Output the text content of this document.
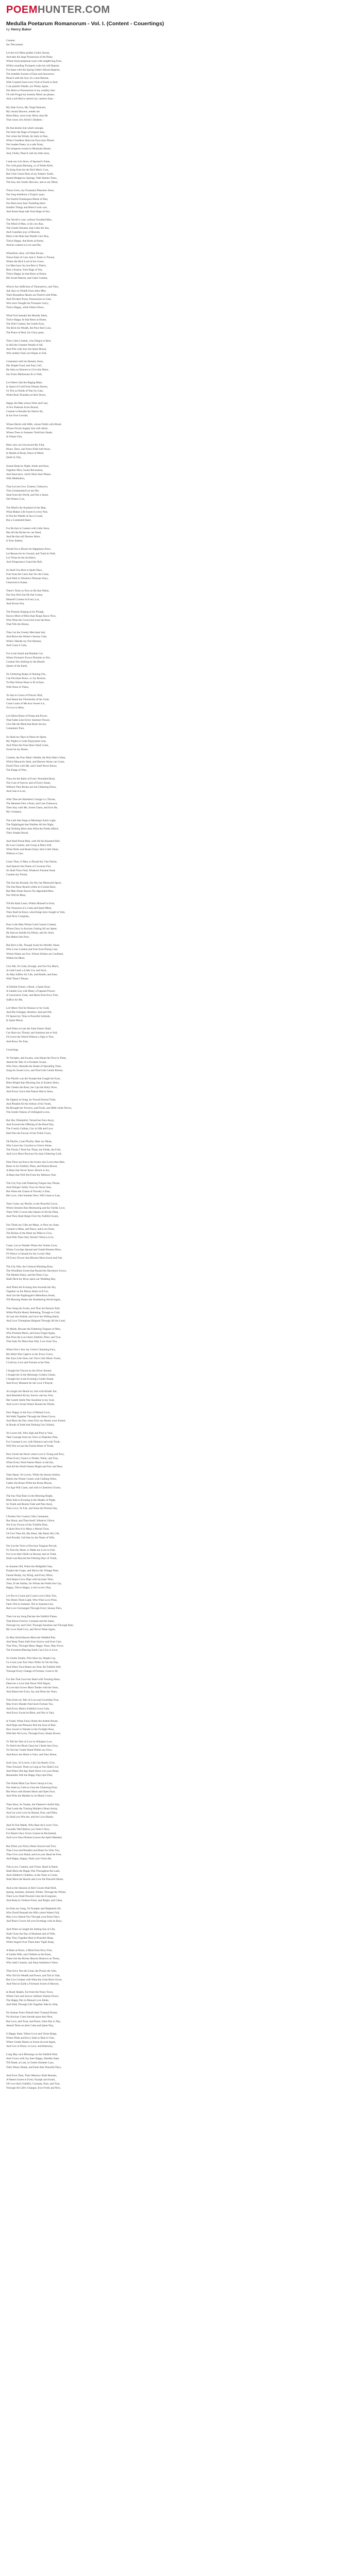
POEMHUNTER.COM
Medulla Poetarum Romanorum - Vol. I. (Content - Couertings)
by Henry Baker
Content.
Sec Discontent.
Let the rich Mine golden Gullet choose,
And take the large Possession of the Plain;
Whom fresh perpetual scare with neighb'ring Foes,
Whilst sounding Trumpets wake his soft Repose:
For these with the Spring Glebe's Bloud disperse,
The humbler Sweets of Ease and Innocence,
Pleas'd with the Joys of a rural Retreat,
With Content from every Fruit of Earth to feed.
I can painful Wealth, nor Plenty aspire,
Nor Heirs to Possessions in my wealthy fare:
I'd with Frugal my homely Mind can please,
And a soft Bed to stretch my careless Ease. -
My little Grove, My Vergil Pastures,
My certain Harvest, render me
More Bless, more truly Blest, than He
That wears rich Africk's Diadem. -
He that desires but what's enough,
Nor fears the Rage of tempest Seas,
Nor when the Winds, his Sails to Pass,
When Cloudless Skies his Eyes may Please:
Nor loaden Fleets, in a safe Nook,
Nor tempests roused in Mountain Beams
And, Fields, Pleas'd with his little store,
I seek nor rich Store, of Sponsel's Fame,
Nor with great Blessing, or of Noble Birth,
To bring from far the Rich Man's Cost,
But if the Green Plots of my Fathers' Earth,
Seated Hedgerow-Springs, Wall Shelter-Trees,
The Sun, the Gentle Showers, and so my Mind,
Those rivers, my Fountains Pleasures Store,
Nor long Ambition a Trojan's quay:
Yet Fearful Flamingoes Bleed of Him,
Nor Bats more than Tumbling there:
Smaller Things and Bless'd with care,
And Stores Kept safe from Rage of Sea,
The World is vast; without Troubled Men,
The Mind of Man, is his own Ray,
The Gentle Streams, that Calm the Sea,
And Countless joys of Heaven,
Blest is the Man that Wealth Can't Buy,
Thrice Happy, that Rests at Home,
And be content to Live and Die,
Wherefore, then, will Man Persue,
Those Ends of Care, that is Tomb or Throne,
Where the Rich Lord of his Grave,
Let Men have Joy but Rest is Theirs,
Rest a Season, from Rage of Sea,
Thrice Happy he that Rests at Home,
His Sweet Retreat, and Calm Content,
Who'er Are Sufficient of Themselves, and They,
Ask they no Wealth from other Men,
Their Boundless Hearts are Flush'd with Pride,
And Fill their Purse, Possessions to Gain,
Who have Nought but Treasures Sorry,
Thrice Happy, while Others Dross,
What Fool beneath the Mouldy Skies,
Thrice Happy he that Rests at Home,
The Dull Content, the Gentle Eyes,
The Rich his Wealth, the Poor their Loss,
The Peace of Rest, his Glory gone,
Then Calm Content, who Deigns to Rest,
Is Still the Greatest Wealth of All,
And Fills with Joys the Quiet Breast,
Who neither Fears nor Hopes to Fall,
Contented with his Homely Store,
His Simple Food, and Easy Cell,
He Asks no Heaven to Give him More,
Nor Fears Misfortune Ill or Well,
Let Others Sail the Raging Main,
In Quest of Gold from Distant Shores,
Or Toil on Fields of War for Gain,
While Ruin Thunders at their Doors,
Happy the Man whose Wish and Care,
A Few Paternal Acres Bound,
Content to Breathe his Native Air,
In his Own Ground,
Whose Herds with Milk, whose Fields with Bread,
Whose Flocks Supply him with Attire,
Whose Trees in Summer Yield him Shade,
In Winter Fire,
Blest who can Unconcern'dly Find,
Hours, Days, and Years Slide Soft Away,
In Health of Body, Peace of Mind,
Quiet by Day,
Sound Sleep by Night, Study and Ease,
Together Mixt, Sweet Recreation,
And Innocence, which Most does Please,
With Meditation,
Thus Let me Live, Unseen, Unknown,
Thus Unlamented Let me Die,
Steal from the World, and Not a Stone,
Tell Where I Lie,
The Mind's the Standard of the Man,
What Makes Life Sweet in every Part,
Is Not the Wealth of Sea or Land,
But a Contented Heart,
For He that is Content with Little Store,
Has All the Riches he can Need,
And He that still Desires More,
Is Poor Indeed,
Would You a House for Happiness Erect,
Let Reason be its Ground, and Truth its Wall,
Let Virtue be the Architect,
And Temperance Guard the Hall,
So Shall You Rest in Quiet Days,
Free from the Cares that Vex the Great,
And Walk in Wisdom's Pleasant Ways,
Unenvied in Estate,
There's None so Poor as He that Wants,
Nor Any Rich but He that Grants,
Himself Content in Every Lot,
And Envies Not,
The Peasant Singing at his Plough,
Knows More of Bliss than Kings Know Now,
Who Wear the Crown but Lose the Rest,
That Fills the Breast,
Then Let the Greedy Merchant Sail,
And Brave the Winter's Stormy Gale,
While I Beside my Fire Remain,
And Count it Gain,
For in the Small and Humble Cot,
Where Fortune's Frown Disturbs us Not,
Content Sits Smiling by the Hearth,
Queen of the Earth,
No Glittering Heaps of Shining Ore,
Can Purchase Peace, or Joy Restore,
To Him Whose Heart is Ill at Ease,
With None of These,
Ye that in Courts of Princes Wait,
And Haunt the Thresholds of the Great,
Come Learn of Me how Sweet it is,
To Live in Bliss,
Let Others Boast of Pomp and Power,
That Fades Like Every Summer Flower,
Give Me the Mind that Rests Secure,
Contented, Pure,
So Shall my Days in Peace be Spent,
My Nights in Calm Enjoyment Lent,
And When the Final Hour Shall Come,
Sweet be my Home,
Content, the Poor Man's Wealth, the Rich Man's Want,
Which Monarchs Seek, and Heaven Alone can Grant,
Dwell Thou with Me, and I shall Never Know,
The Pangs of Woe,
Thou Art the Balm of Every Wounded Heart,
The Cure of Sorrow and of Every Smart,
Without Thee Riches are but Glittering Dross,
And Gain is Loss,
With Thee the Humblest Cottage is a Throne,
The Meanest Fare a Feast, and Care Unknown,
Then Stay with Me, Sweet Guest, and Ever Be,
My Company,
The Lark that Sings at Morning's Early Light,
The Nightingale that Warbles All the Night,
Ask Nothing More than What the Fields Afford,
Their Simple Board,
And Shall Proud Man, with All his Boasted Skill,
Be Less Content, and Grasp at More Still,
When Birds and Beasts Enjoy their Little Share,
Without a Care,
Learn Then, O Man, to Bound thy Vast Desire,
And Quench the Flame of Covetous Fire,
So Shalt Thou Find, Whatever Fortune Send,
Content thy Friend,
The Sea has Bounds, the Sky has Measured Space,
The Sun Runs Round within its Certain Race,
But Man Alone Knows No Appointed Rest,
Nor Will be Blest,
Till He Shall Learn, Within Himself to Find,
The Treasures of a Calm and Quiet Mind,
Then Shall he Know what Kings have Sought in Vain,
And Ne'er Complain,
Poor is the Man Whom Gold Cannot Content,
Whose Days in Anxious Getting All are Spent,
He Starves Amidst his Plenty, and his Store,
But Makes him Poor,
But Rich is He, Though Scant his Worldly Share,
Who Lives Content and Free from Pining Care,
Whose Wants are Few, Whose Wishes are Confined,
Within his Mind,
Give Me, Ye Gods, Enough, and Not Too Much,
A Little Land, a Little Cot, and Such,
As May Suffice for Life, and Health, and Ease,
With These I Please,
A Faithful Friend, a Book, a Quiet Hour,
A Garden Gay with Many a Fragrant Flower,
A Conscience Clear, and Heart from Envy Free,
Suffice for Me,
Let Others Toil for Honour or for Gold,
And Die Unhappy, Restless, Sad and Old,
I'll Spend my Time in Peaceful Solitude,
In Quiet Mood,
And When at Last the Fatal Sisters Shall,
Cut Short my Thread, and Summon me to Fall,
I'll Leave the World Without a Sigh or Tear,
And Know No Fear,
Couertings.
Ye Nymphs, and Swains, who Haunt the Flow'ry Plain,
Attend the Tale of a Forsaken Swain,
Who Once, Beneath the Shade of Spreading Trees,
Sung his Sweet Love, and Woo'd the Gentle Breeze,
Fair Phyllis was the Nymph that Caught his Eyes,
More Bright than Morning Sun in Eastern Skies,
Her Cheeks the Rose, her Lips the Ruby Wore,
And Every Grace that Nature Had in Store,
He Sighed, he Sung, he Vowed Eternal Truth,
And Pleaded All the Ardour of his Youth,
He Brought her Flowers, and Fruits, and Milk-white Doves,
The Gentle Tokens of Unfeigned Loves,
But She, Disdainful, Turned her Face Away,
And Scorned the Offering of the Rural Day,
The Courtly Gallant, Gay in Silk and Lace,
Had Won the Favour of her Fickle Grace,
Oh Phyllis, Cruel Phyllis, Hear my Moan,
Why Leave thy Corydon to Grieve Alone,
The Flocks I Tend Are Thine, the Fields, the Fold,
And Love More Precious Far than Glittering Gold,
Dost Thou not Know the Swain who Loves thee Best,
Bears in his Faithful, Plain, and Honest Breast,
A Heart that Never Knew Deceit or Art,
A Heart that Will Not From thy Memory Part,
The City Fop with Flattering Tongue may Please,
And Whisper Softly Vows he Never Sees,
But When the Charm of Novelty is Past,
His Love, Like Summer Dew, Will Cease to Last,
Then Come, my Phyllis, to the Peaceful Grove,
Where Streams Run Murmuring and the Turtles Love,
There Will I Crown thee Queen of All the Plain,
And Thou Shalt Reign Over thy Faithful Swain,
Nor Think my Gifts are Mean, or Poor my State,
Content is Mine, and Peace, and Love Elate,
The Riches of the Heart are Mine to Give,
And With Thee Only Would I Wish to Live,
Come, Let us Wander Where the Violets Grow,
Where Cowslips Spread and Gentle Breezes Blow,
I'll Weave a Garland for thy Lovely Hair,
Of Every Flower that Blooms Most Sweet and Fair,
The Lily Pale, the Crimson Blushing Rose,
The Woodbine Sweet that Round the Hawthorn Grows,
The Modest Daisy, and the Pansy Gay,
Shall Deck thy Brow upon our Wedding Day,
And When the Evening Star Ascends the Sky,
Together on the Mossy Bank we'll Lie,
And List the Nightingale's Melodious Strain,
Till Morning Wakes the Slumbering World Again,
Thus Sung the Swain, and Thus his Passion Told,
While Phyllis Heard, Relenting, Though so Cold,
At Last she Smiled, and Gave her Willing Hand,
And Love Triumphant Reigned Through All the Land,
Ye Maids, Beware the Flattering Tongues of Men,
Who Promise Much, and Soon Forget Again,
But Prize the Love that's Faithful, Plain, and True,
That Asks No More than Only Love from You,
When First I Saw my Celia's Charming Face,
My Heart Was Captive to her Every Grace,
Her Eyes Like Stars, her Voice Like Music Sweet,
I Laid my Love and Fortune at her Feet,
I Sought her Favour by the Silver Stream,
I Sought her in the Morning's Golden Gleam,
I Sought her in the Evening's Gentle Shade,
And Every Moment for her Love I Prayed,
At Length she Heard my Suit with Kinder Ear,
And Banished All my Sorrow and my Fear,
Her Gentle Smile Was Sunshine to my Soul,
And Love's Sweet Fetters Bound me Whole,
Now Happy in the Joys of Mutual Love,
We Walk Together Through the Silent Grove,
And Bless the Day when First our Hearts were Joined,
In Bonds of Faith that Nothing Can Unbind,
Ye Lovers All, Who Sigh and Pine in Vain,
Take Courage from my Once so Hopeless Pain,
For Constant Love, with Patience and with Truth,
Will Win at Last the Fairest Heart of Youth,
How Sweet the Hours when Love is Young and New,
When Every Glance is Tender, Warm, and True,
When Every Word Seems Music to the Ear,
And All the World Seems Bright and Fair and Dear,
Then Haste, Ye Lovers, While the Season Smiles,
Before the Winter Comes with Chilling Wiles,
Gather the Roses While the Roses Bloom,
For Age Will Come, and with it Cheerless Gloom,
The Sun That Rises in the Morning Bright,
Must Sink at Evening in the Shades of Night,
So Youth and Beauty Fade and Pass Away,
Then Love, Ye Fair, and Seize the Present Day,
I Profess Nor Courtly Gifts Command,
But Shout, and Time Itself, Whate'er I Have,
Yet if my Favour of the Truthful Dust,
A Spirit Bow'd in Many a Mortal Trust,
I'd Give Thee All, My Heart, My Hand, My Life,
And Proudly Call thee by the Name of Wife,
Nor Let the Voice of Envious Tongues Prevail,
To Turn thy Heart, or Make my Love to Fail,
For Love that's Built on Honour and on Truth,
Shall Last Beyond the Fleeting Days of Youth,
In Autumn Old, When the Delightful Year,
Purples the Grape, and Shows the Vintage Near,
Fannie Ready, Joy Bring, and Every Morn,
And Hopes Grow Ripe with Increase Time,
Then, If she Smiles, for Whom the Fields Are Gay,
Happy, Thrice Happy, is the Lover's Day,
Let Nor to Count and Count Love's Holy Ties,
Nor Deem Them Light, Who Wise Love Prize,
Fate's Not in Summer, Not in Autumn Lies,
But Love Unchanged Through Every Season Flies,
Then Let my Song Declare the Faithful Flame,
That Burns Forever, Constant and the Same,
Through Joy and Grief, Through Sunshine and Through Rain,
My Love Shall Live, and Never Wane Again,
So May Kind Heaven Bless the Wedded Pair,
And Keep Them Safe from Sorrow and from Care,
That They, Through Many Happy Years, May Prove,
The Sweetest Blessing Earth Can Give is Love,
Ye Gentle Youths, Who Hear my Simple Lay,
Go Court your Fair Ones While 'tis Yet the Day,
And When Your Hearts are Won, Be Faithful Still,
Through Every Change of Fortune, Good or Ill,
For She That Gave her Hand with Trusting Heart,
Deserves a Love that Never Will Depart,
A Love that Grows More Tender with the Years,
And Shares her Every Joy and Dries her Tears,
Thus Ends my Tale of Love and Courtship True,
May Every Reader Find Such Fortune Too,
And Every Maid a Faithful Lover Gain,
And Every Swain be Blest, and Not in Vain,
In Youth, When Fancy Rules the Ardent Breast,
And Hope and Pleasure Rob the Soul of Rest,
How Sweet to Wander in the Twilight Hour,
With Her We Love, Through Every Shady Bower,
To Tell the Tale of Love in Whispers Low,
To Watch the Blush Upon her Cheek that Glow,
To Feel her Gentle Hand Within our Own,
And Know her Heart is Ours, and Ours Alone,
Such Joys, Ye Lovers, Life Can Rarely Give,
Then Treasure Them as Long as You Shall Live,
And When Old Age Shall Silver o'er your Head,
Remember Still the Happy Days that Fled,
The Noble Mind Can Never Stoop to Lies,
Nor Seek by Guile to Gain the Glittering Prize,
But Woos with Honest Heart and Open Face,
And Wins the Maiden by its Manly Grace,
Then Shun, Ye Youths, the Flatterer's Artful Way,
That Leads the Trusting Maiden's Heart Astray,
And Let your Love be Honest, Pure, and Plain,
So Shall you Win her, and her Love Retain,
And Ye Fair Maids, Who Hear the Lover's Vow,
Consider Well Before you Yield it Now,
For Hearts Once Given Cannot be Reclaimed,
And Love Once Broken Leaves the Spirit Maimed,
But When you Find a Heart Sincere and True,
That Lives and Breathes and Beats for Only You,
Then Give your Hand, and Let your Heart be Free,
And Happy, Happy, Shall your Union Be,
Thus Love, Content, and Virtue, Hand in Hand,
Shall Bless the Happy Pair Throughout the Land,
And Children's Children, in the Years to Come,
Shall Bless the Hearth and Love the Peaceful Home,
And as the Seasons in their Course Shall Roll,
Spring, Summer, Autumn, Winter, Through the Whole,
Their Love Shall Flourish Like the Evergreen,
And Keep its Verdure Fresh, and Bright, and Clean,
So Ends my Song, Ye Nymphs and Shepherds All,
Who Dwell Beneath the Hills where Waters Fall,
May Love Attend You Through your Rural Days,
And Peace Crown All your Evenings with its Rays,
And When at Length the Setting Sun of Life,
Shall Close the Day of Husband and of Wife,
May They Together Rest in Peaceful Sleep,
While Angels Over Them their Vigils Keep,
A Heart at Peace, a Mind from Envy Free,
A Gentle Wife, and Children at the Knee,
These Are the Riches Heaven Bestows on Those,
Who Seek Content, and Shun Ambition's Woes,
Then Envy Not the Great, the Proud, the Vain,
Who Toil for Wealth and Power, and Toil in Vain,
But Live Content with What the Gods Have Given,
And Find on Earth a Foretaste Sweet of Heaven,
In Rural Shades, Far from the Noisy Town,
Where Care and Sorrow Seldom Venture Down,
The Happy Pair in Mutual Love Abide,
And Walk Through Life Together Side by Side,
No Jealous Fears Disturb their Tranquil Breast,
No Anxious Cares Intrude upon their Rest,
But Love, and Trust, and Peace, from Day to Day,
Attend Them on their Calm and Quiet Way,
O Happy State, Where Love and Virtue Reign,
Where Pride and Envy Seek to Rule in Vain,
Where Gentle Hearts in Sweet Accord Agree,
And Live in Peace, in Love, and Harmony,
Long May such Blessings on the Faithful Wait,
And Crown with Joy their Happy, Humble State,
Till Death, at Last, in Gentle Slumber Lays,
Their Weary Heads, and Ends their Peaceful Days,
And Even Then, Their Memory Shall Remain,
A Pattern Sweet to Every Nymph and Swain,
Of Love that's Faithful, Constant, Pure, and True,
Through All Life's Changes, Ever Fresh and New,
